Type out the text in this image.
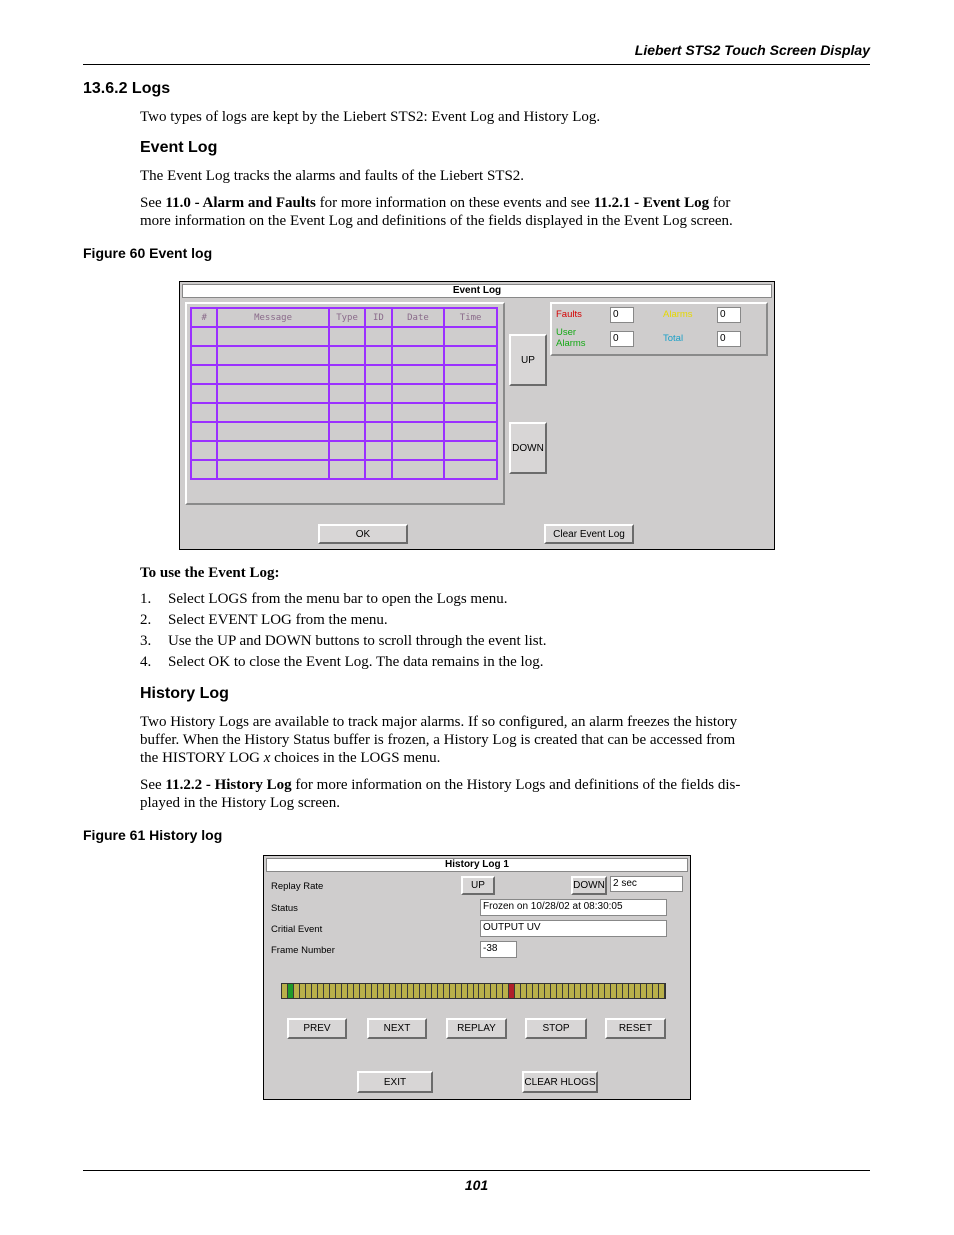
Liebert STS2 Touch Screen Display
13.6.2 Logs
Two types of logs are kept by the Liebert STS2: Event Log and History Log.
Event Log
The Event Log tracks the alarms and faults of the Liebert STS2.
See 11.0 - Alarm and Faults for more information on these events and see 11.2.1 - Event Log for
more information on the Event Log and definitions of the fields displayed in the Event Log screen.
Figure 60 Event log
Event Log
#	Message	Type	ID	Date	Time

UP
DOWN
Faults	0	Alarms	0
User
Alarms	0	Total	0
OK	Clear Event Log
To use the Event Log:
1. Select LOGS from the menu bar to open the Logs menu.
2. Select EVENT LOG from the menu.
3. Use the UP and DOWN buttons to scroll through the event list.
4. Select OK to close the Event Log. The data remains in the log.
History Log
Two History Logs are available to track major alarms. If so configured, an alarm freezes the history
buffer. When the History Status buffer is frozen, a History Log is created that can be accessed from
the HISTORY LOG x choices in the LOGS menu.
See 11.2.2 - History Log for more information on the History Logs and definitions of the fields dis-
played in the History Log screen.
Figure 61 History log
History Log 1
Replay Rate	UP	DOWN 2 sec
Status	Frozen on 10/28/02 at 08:30:05
Critial Event	OUTPUT UV
Frame Number	-38
PREV	NEXT	REPLAY	STOP	RESET
EXIT	CLEAR HLOGS
101
